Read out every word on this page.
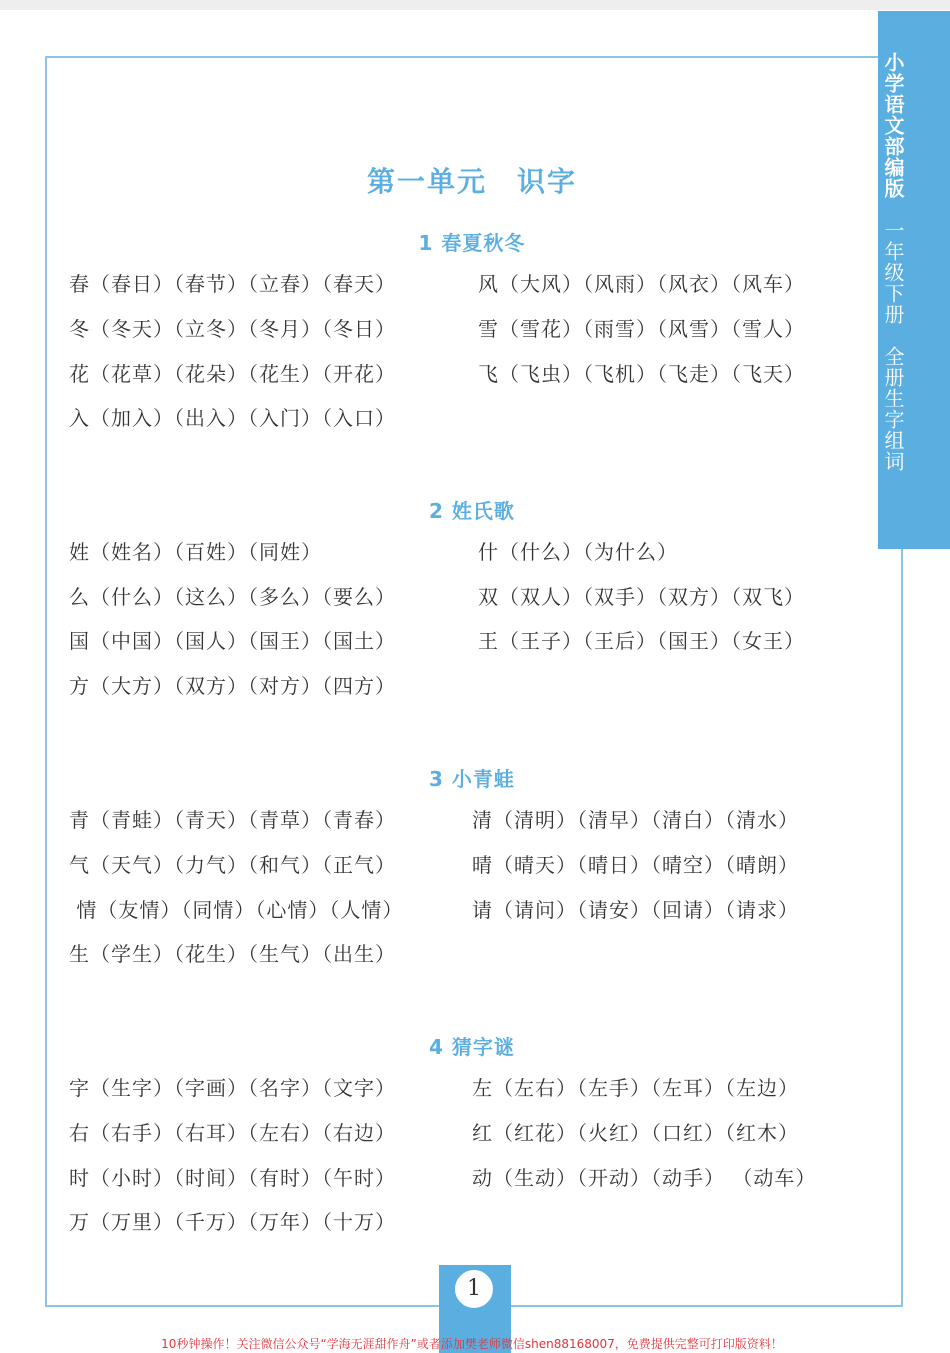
小学语文部编版　一年级下册　全册生字组词
第一单元　识字
1 春夏秋冬
春（春日）（春节）（立春）（春天）
冬（冬天）（立冬）（冬月）（冬日）
花（花草）（花朵）（花生）（开花）
入（加入）（出入）（入门）（入口）
风（大风）（风雨）（风衣）（风车）
雪（雪花）（雨雪）（风雪）（雪人）
飞（飞虫）（飞机）（飞走）（飞天）
2 姓氏歌
姓（姓名）（百姓）（同姓）
么（什么）（这么）（多么）（要么）
国（中国）（国人）（国王）（国土）
方（大方）（双方）（对方）（四方）
什（什么）（为什么）
双（双人）（双手）（双方）（双飞）
王（王子）（王后）（国王）（女王）
3 小青蛙
青（青蛙）（青天）（青草）（青春）
气（天气）（力气）（和气）（正气）
情（友情）（同情）（心情）（人情）
生（学生）（花生）（生气）（出生）
清（清明）（清早）（清白）（清水）
晴（晴天）（晴日）（晴空）（晴朗）
请（请问）（请安）（回请）（请求）
4 猜字谜
字（生字）（字画）（名字）（文字）
右（右手）（右耳）（左右）（右边）
时（小时）（时间）（有时）（午时）
万（万里）（千万）（万年）（十万）
左（左右）（左手）（左耳）（左边）
红（红花）（火红）（口红）（红木）
动（生动）（开动）（动手） （动车）
1
10秒钟操作！关注微信公众号“学海无涯甜作舟”或者添加樊老师微信shen88168007，免费提供完整可打印版资料！
